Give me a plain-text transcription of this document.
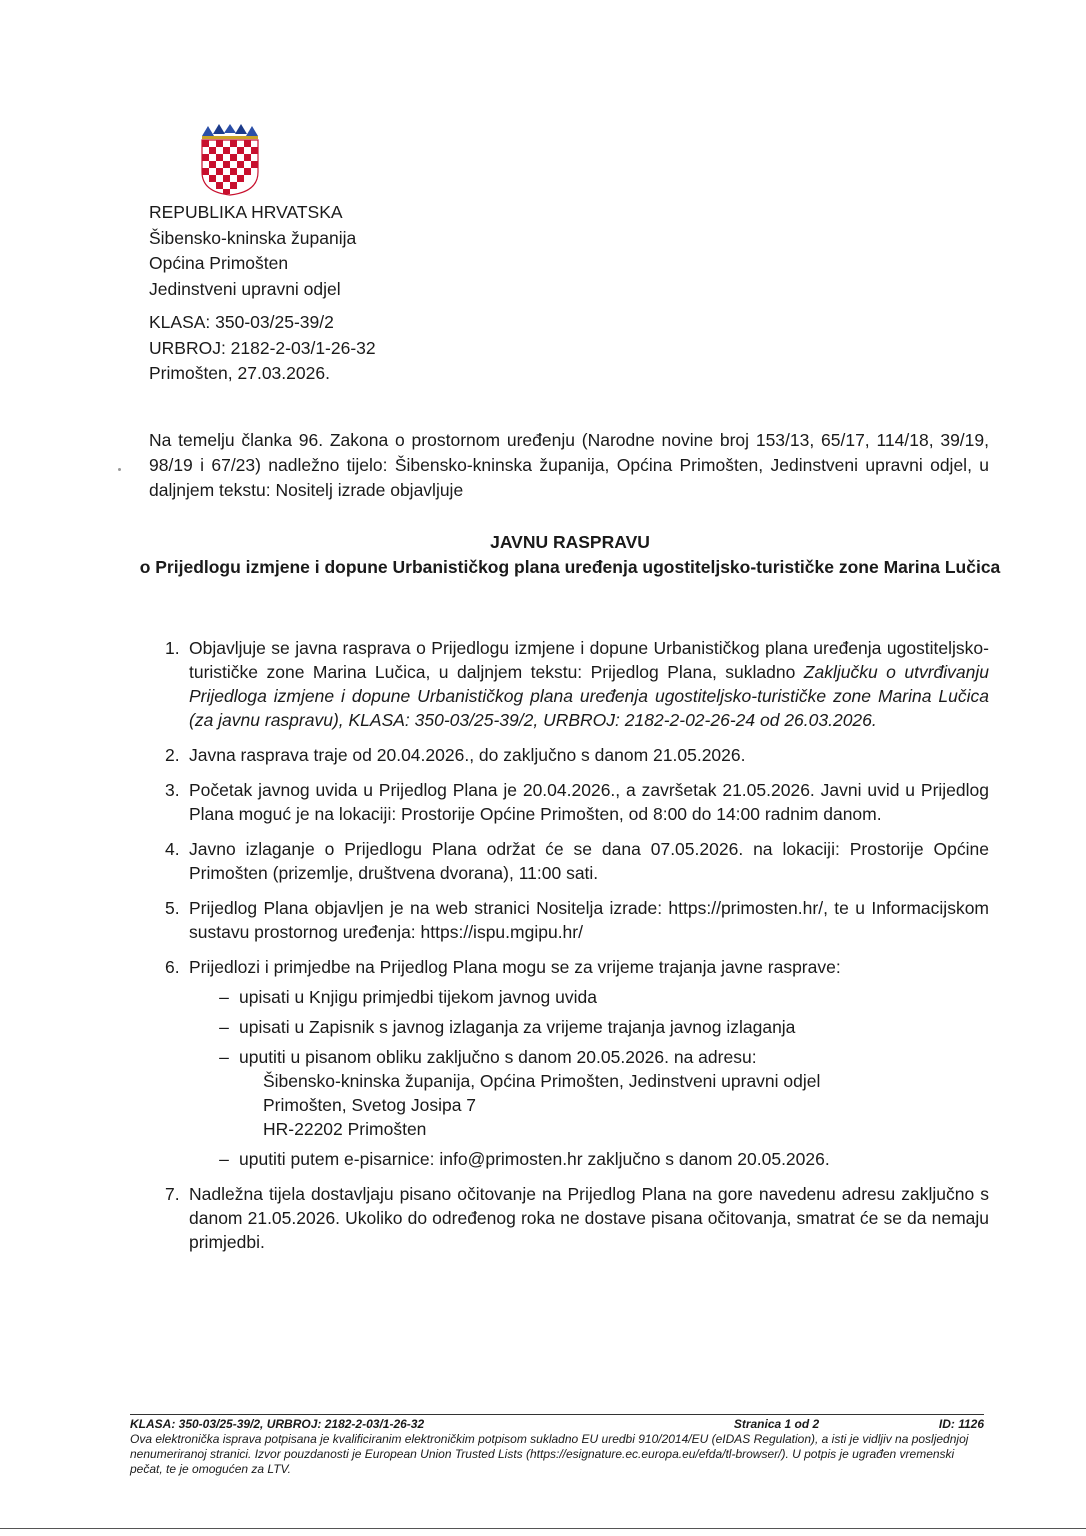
REPUBLIKA HRVATSKA
Šibensko-kninska županija
Općina Primošten
Jedinstveni upravni odjel
KLASA: 350-03/25-39/2
URBROJ: 2182-2-03/1-26-32
Primošten, 27.03.2026.
Na temelju članka 96. Zakona o prostornom uređenju (Narodne novine broj 153/13, 65/17, 114/18, 39/19, 98/19 i 67/23) nadležno tijelo: Šibensko-kninska županija, Općina Primošten, Jedinstveni upravni odjel, u daljnjem tekstu: Nositelj izrade objavljuje
JAVNU RASPRAVU
o Prijedlogu izmjene i dopune Urbanističkog plana uređenja ugostiteljsko-turističke zone Marina Lučica
1. Objavljuje se javna rasprava o Prijedlogu izmjene i dopune Urbanističkog plana uređenja ugostiteljsko-turističke zone Marina Lučica, u daljnjem tekstu: Prijedlog Plana, sukladno Zaključku o utvrđivanju Prijedloga izmjene i dopune Urbanističkog plana uređenja ugostiteljsko-turističke zone Marina Lučica (za javnu raspravu), KLASA: 350-03/25-39/2, URBROJ: 2182-2-02-26-24 od 26.03.2026.
2. Javna rasprava traje od 20.04.2026., do zaključno s danom 21.05.2026.
3. Početak javnog uvida u Prijedlog Plana je 20.04.2026., a završetak 21.05.2026. Javni uvid u Prijedlog Plana moguć je na lokaciji: Prostorije Općine Primošten, od 8:00 do 14:00 radnim danom.
4. Javno izlaganje o Prijedlogu Plana održat će se dana 07.05.2026. na lokaciji: Prostorije Općine Primošten (prizemlje, društvena dvorana), 11:00 sati.
5. Prijedlog Plana objavljen je na web stranici Nositelja izrade: https://primosten.hr/, te u Informacijskom sustavu prostornog uređenja: https://ispu.mgipu.hr/
6. Prijedlozi i primjedbe na Prijedlog Plana mogu se za vrijeme trajanja javne rasprave:
– upisati u Knjigu primjedbi tijekom javnog uvida
– upisati u Zapisnik s javnog izlaganja za vrijeme trajanja javnog izlaganja
– uputiti u pisanom obliku zaključno s danom 20.05.2026. na adresu:
Šibensko-kninska županija, Općina Primošten, Jedinstveni upravni odjel
Primošten, Svetog Josipa 7
HR-22202 Primošten
– uputiti putem e-pisarnice: info@primosten.hr zaključno s danom 20.05.2026.
7. Nadležna tijela dostavljaju pisano očitovanje na Prijedlog Plana na gore navedenu adresu zaključno s danom 21.05.2026. Ukoliko do određenog roka ne dostave pisana očitovanja, smatrat će se da nemaju primjedbi.
KLASA: 350-03/25-39/2, URBROJ: 2182-2-03/1-26-32	Stranica 1 od 2	ID: 1126
Ova elektronička isprava potpisana je kvalificiranim elektroničkim potpisom sukladno EU uredbi 910/2014/EU (eIDAS Regulation), a isti je vidljiv na posljednjoj nenumeriranoj stranici. Izvor pouzdanosti je European Union Trusted Lists (https://esignature.ec.europa.eu/efda/tl-browser/). U potpis je ugrađen vremenski pečat, te je omogućen za LTV.
